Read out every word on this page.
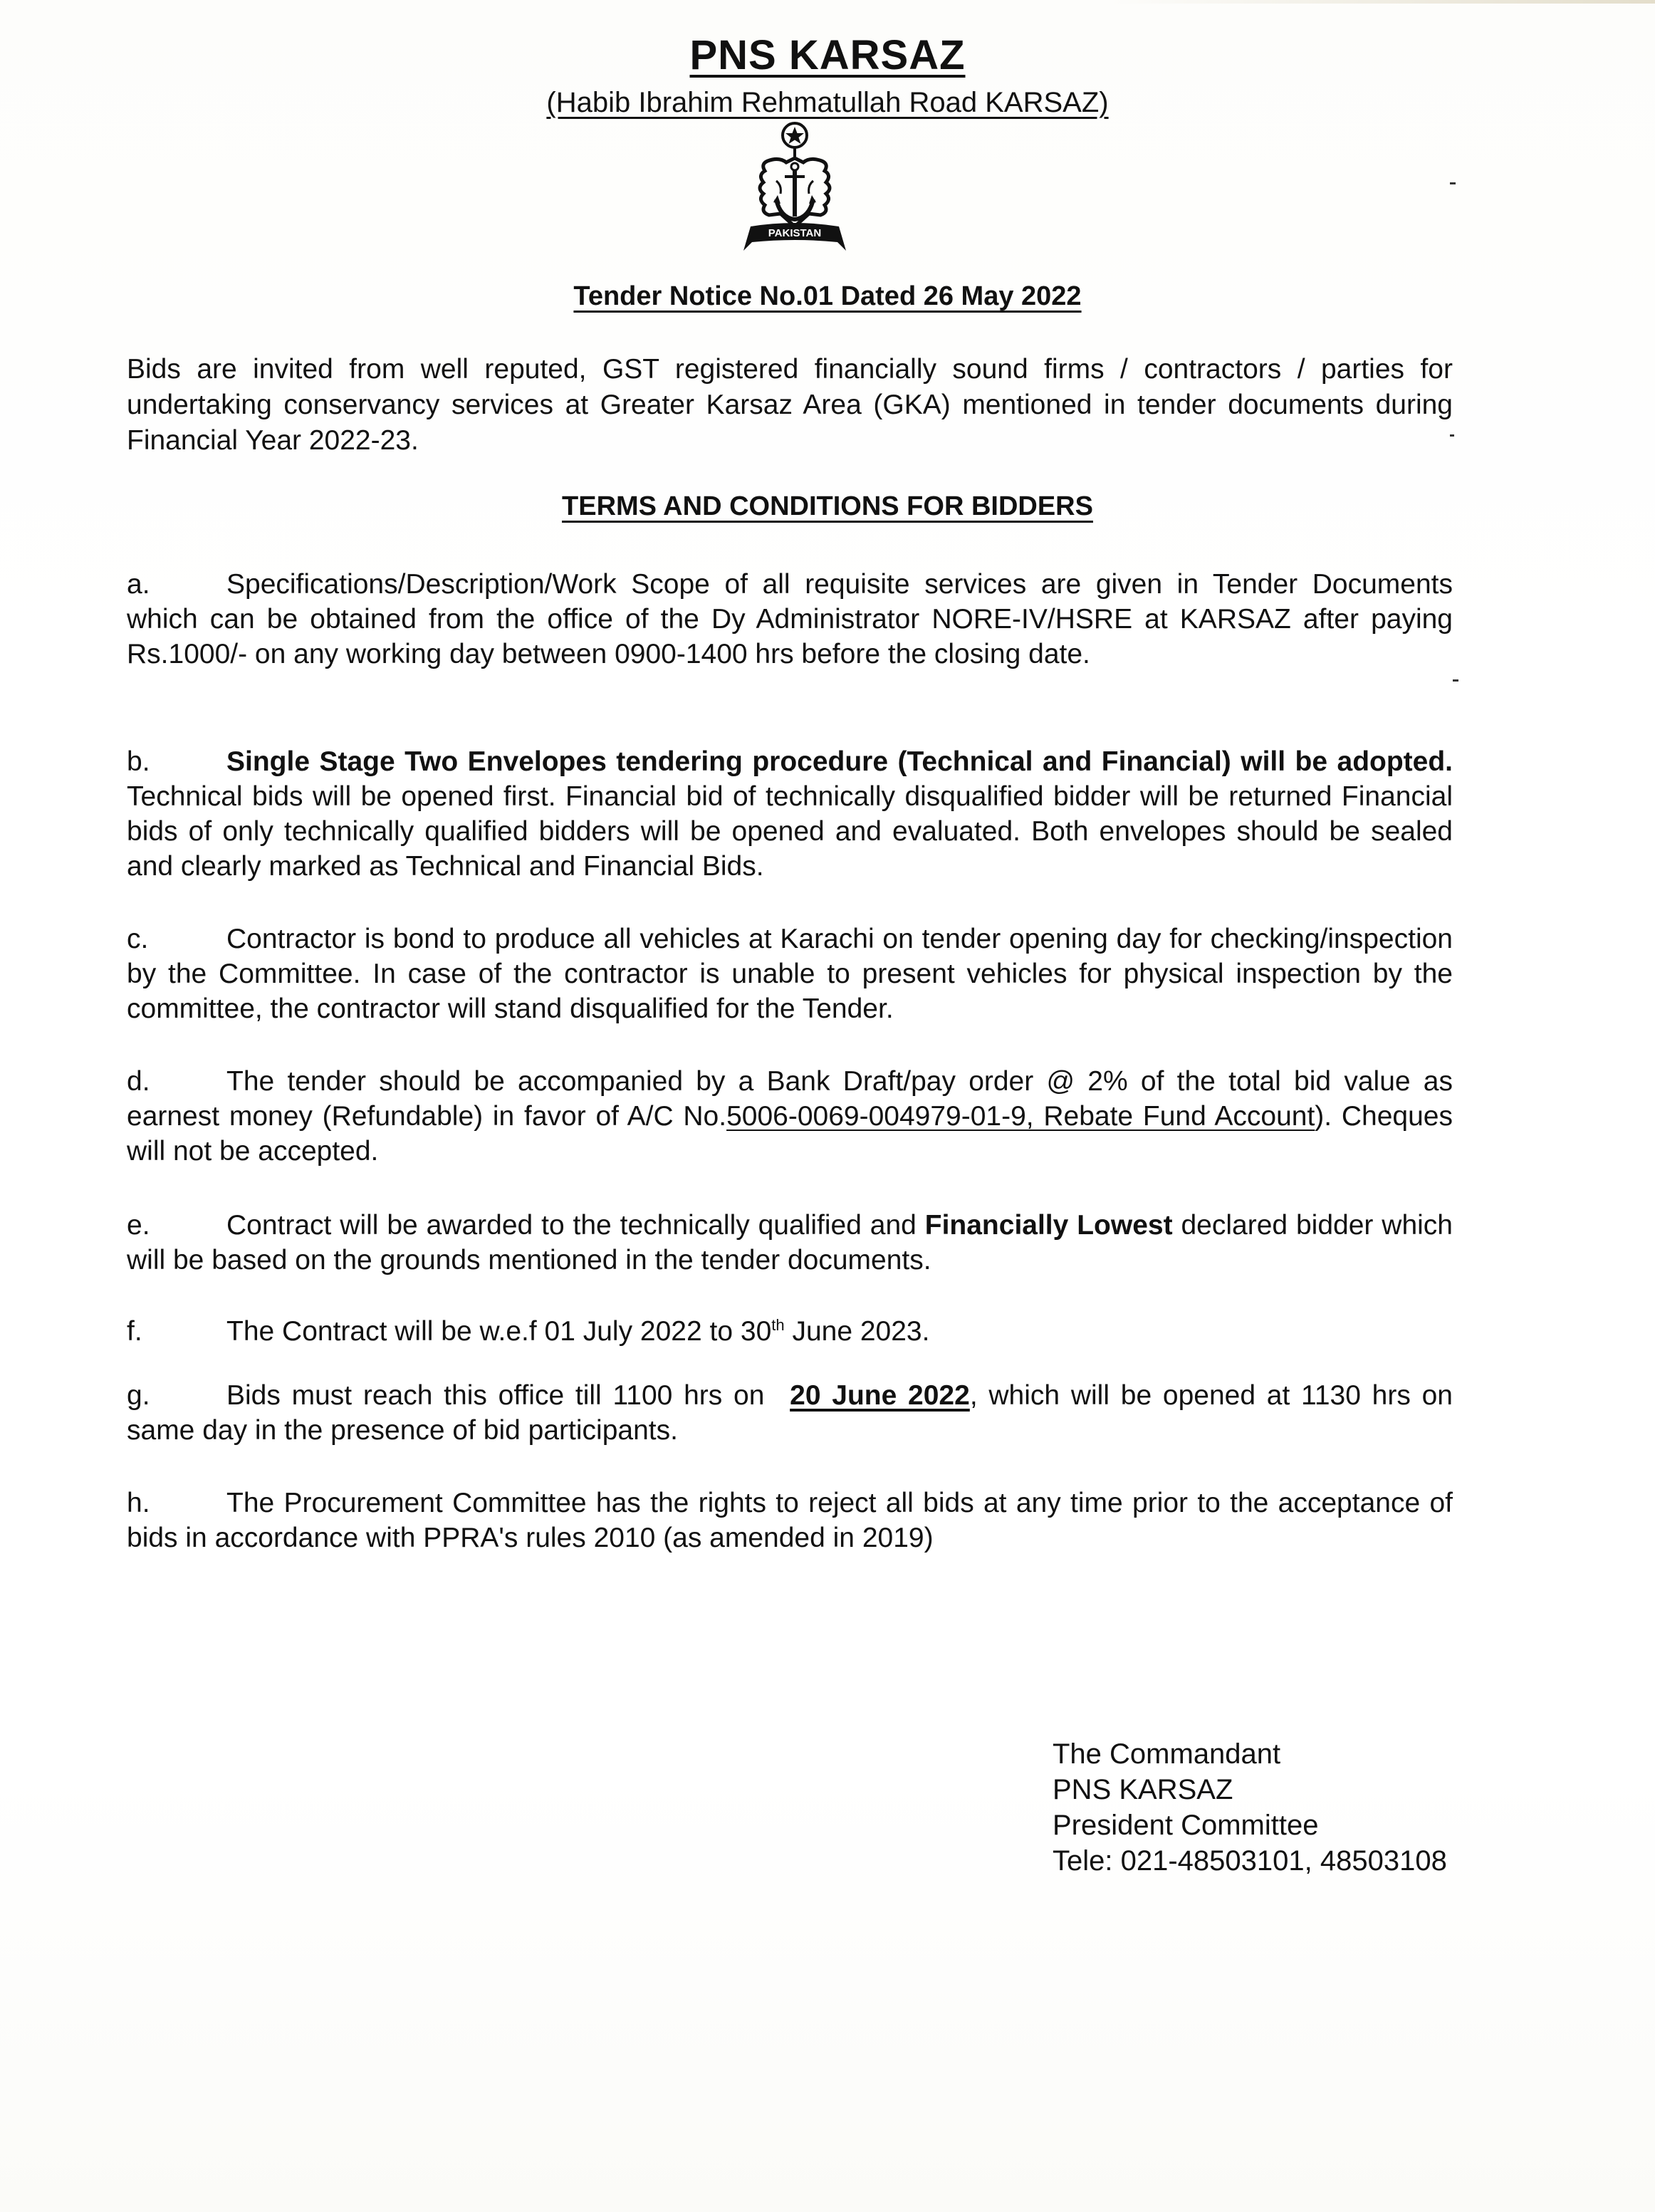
PNS KARSAZ
(Habib Ibrahim Rehmatullah Road KARSAZ)
PAKISTAN
Tender Notice No.01 Dated 26 May 2022
Bids are invited from well reputed, GST registered financially sound firms / contractors / parties for undertaking conservancy services at Greater Karsaz Area (GKA) mentioned in tender documents during Financial Year 2022-23.
TERMS AND CONDITIONS FOR BIDDERS
a.	Specifications/Description/Work Scope of all requisite services are given in Tender Documents which can be obtained from the office of the Dy Administrator NORE-IV/HSRE at KARSAZ after paying Rs.1000/- on any working day between 0900-1400 hrs before the closing date.
b.	Single Stage Two Envelopes tendering procedure (Technical and Financial) will be adopted. Technical bids will be opened first. Financial bid of technically disqualified bidder will be returned Financial bids of only technically qualified bidders will be opened and evaluated. Both envelopes should be sealed and clearly marked as Technical and Financial Bids.
c.	Contractor is bond to produce all vehicles at Karachi on tender opening day for checking/inspection by the Committee. In case of the contractor is unable to present vehicles for physical inspection by the committee, the contractor will stand disqualified for the Tender.
d.	The tender should be accompanied by a Bank Draft/pay order @ 2% of the total bid value as earnest money (Refundable) in favor of A/C No.5006-0069-004979-01-9, Rebate Fund Account). Cheques will not be accepted.
e.	Contract will be awarded to the technically qualified and Financially Lowest declared bidder which will be based on the grounds mentioned in the tender documents.
f.	The Contract will be w.e.f 01 July 2022 to 30th June 2023.
g.	Bids must reach this office till 1100 hrs on 20 June 2022, which will be opened at 1130 hrs on same day in the presence of bid participants.
h.	The Procurement Committee has the rights to reject all bids at any time prior to the acceptance of bids in accordance with PPRA's rules 2010 (as amended in 2019)
The Commandant
PNS KARSAZ
President Committee
Tele: 021-48503101, 48503108
